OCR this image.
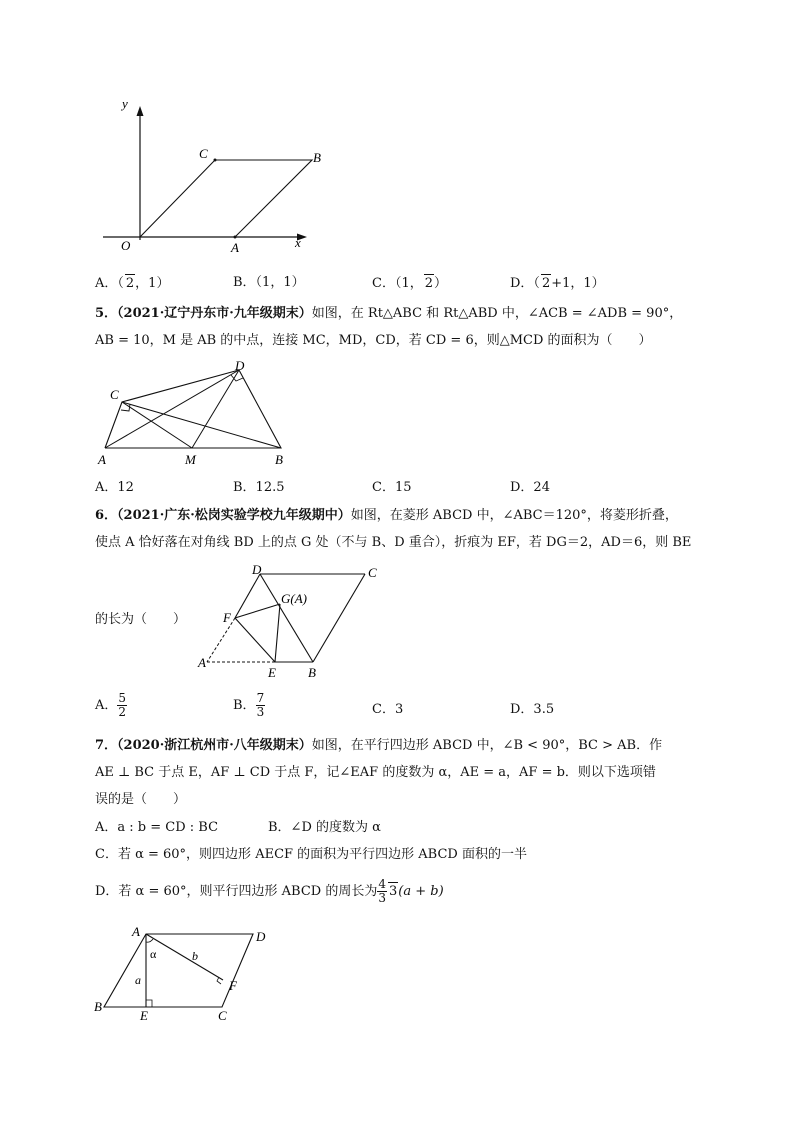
y
C	B
O	A	x
A．（ 2，1）	B．（1，1）	C．（1， 2）	D．（ 2+1，1）
5．（2021·辽宁丹东市·九年级期末）如图，在 Rt△ABC 和 Rt△ABD 中，∠ACB = ∠ADB = 90°，
AB = 10，M 是 AB 的中点，连接 MC，MD，CD，若 CD = 6，则△MCD 的面积为（　　）
C
D
A	M	B
A．12	B．12.5	C．15	D．24
6．（2021·广东·松岗实验学校九年级期中）如图，在菱形 ABCD 中，∠ABC＝120°，将菱形折叠，
使点 A 恰好落在对角线 BD 上的点 G 处（不与 B、D 重合），折痕为 EF，若 DG＝2，AD＝6，则 BE
的长为（　　）
D	C
G(A)
F
A
E B
A． $\frac{5}{2}$	B． $\frac{7}{3}$	C．3	D．3.5
7．（2020·浙江杭州市·八年级期末）如图，在平行四边形 ABCD 中，∠B < 90°，BC > AB．作
AE ⊥ BC 于点 E，AF ⊥ CD 于点 F，记∠EAF 的度数为 α，AE = a，AF = b．则以下选项错
误的是（　　）
A．a : b = CD : BC	B．∠D 的度数为 α
C．若 α = 60°，则四边形 AECF 的面积为平行四边形 ABCD 面积的一半
D．若 α = 60°，则平行四边形 ABCD 的周长为 $\frac{4}{3} 3(a + b)$
A	D
α	b
a	F
B
E	C
